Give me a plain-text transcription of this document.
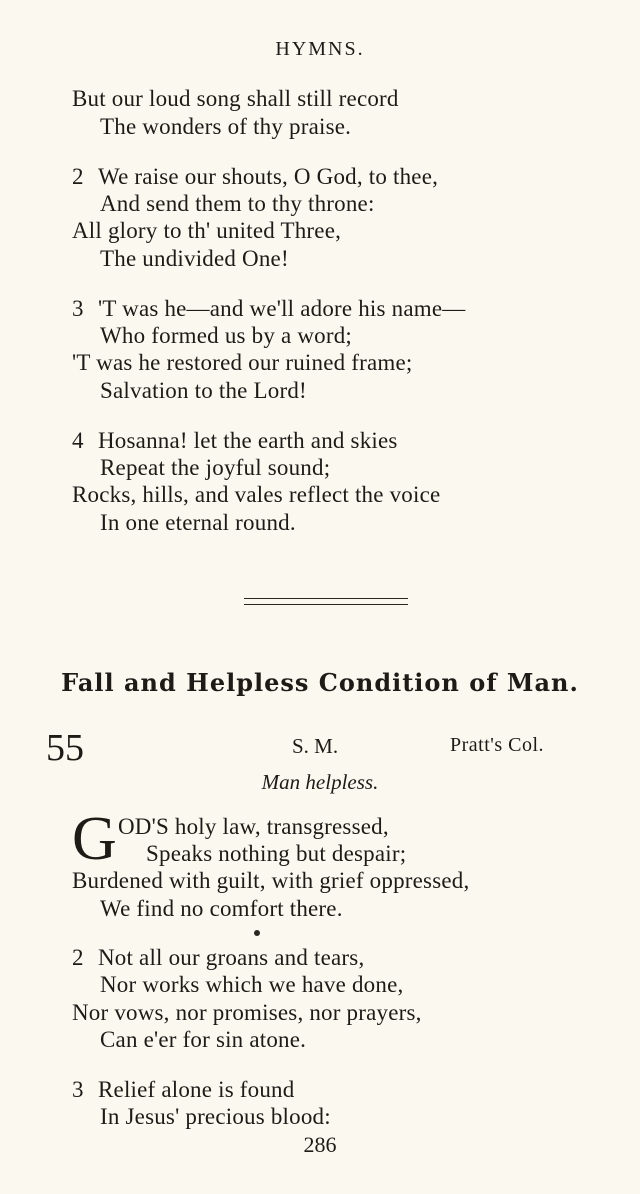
HYMNS.
But our loud song shall still record
The wonders of thy praise.
2 We raise our shouts, O God, to thee,
And send them to thy throne:
All glory to th' united Three,
The undivided One!
3 'T was he—and we'll adore his name—
Who formed us by a word;
'T was he restored our ruined frame;
Salvation to the Lord!
4 Hosanna! let the earth and skies
Repeat the joyful sound;
Rocks, hills, and vales reflect the voice
In one eternal round.
Fall and Helpless Condition of Man.
55	S. M.	Pratt's Col.
Man helpless.
G OD'S holy law, transgressed,
Speaks nothing but despair;
Burdened with guilt, with grief oppressed,
We find no comfort there.
2 Not all our groans and tears,
Nor works which we have done,
Nor vows, nor promises, nor prayers,
Can e'er for sin atone.
3 Relief alone is found
In Jesus' precious blood:
286
